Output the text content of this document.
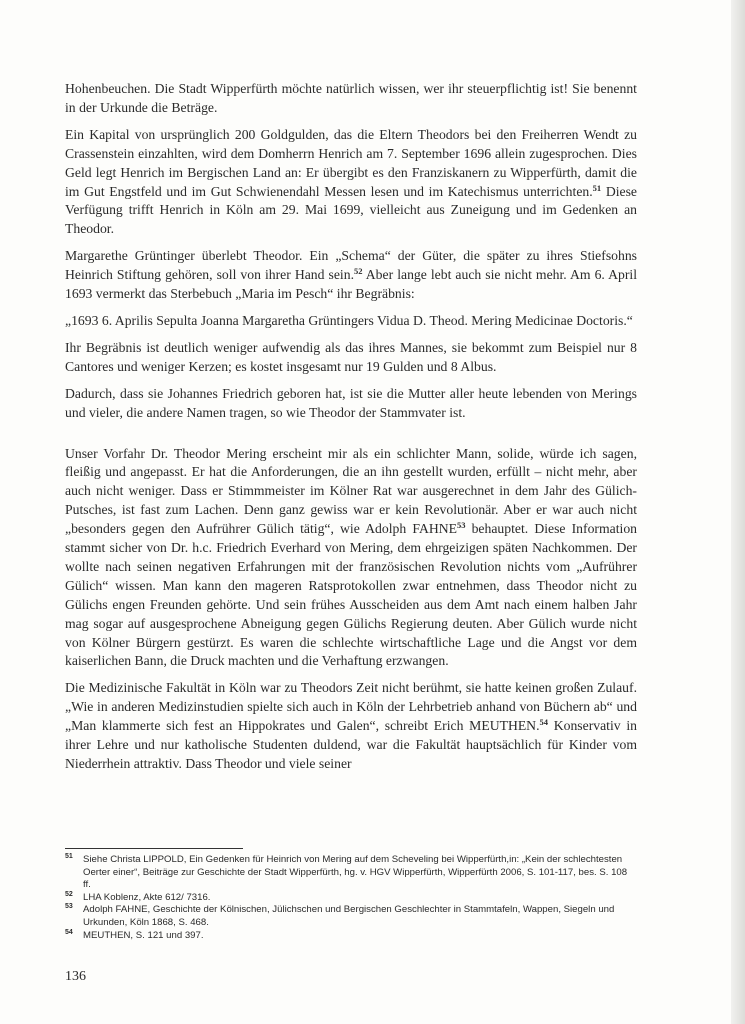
Hohenbeuchen. Die Stadt Wipperfürth möchte natürlich wissen, wer ihr steuerpflichtig ist! Sie benennt in der Urkunde die Beträge.

Ein Kapital von ursprünglich 200 Goldgulden, das die Eltern Theodors bei den Freiherren Wendt zu Crassenstein einzahlten, wird dem Domherrn Henrich am 7. September 1696 allein zugesprochen. Dies Geld legt Henrich im Bergischen Land an: Er übergibt es den Franziskanern zu Wipperfürth, damit die im Gut Engstfeld und im Gut Schwienendahl Messen lesen und im Katechismus unterrichten.$^{51}$ Diese Verfügung trifft Henrich in Köln am 29. Mai 1699, vielleicht aus Zuneigung und im Gedenken an Theodor.

Margarethe Grüntinger überlebt Theodor. Ein „Schema“ der Güter, die später zu ihres Stiefsohns Heinrich Stiftung gehören, soll von ihrer Hand sein.$^{52}$ Aber lange lebt auch sie nicht mehr. Am 6. April 1693 vermerkt das Sterbebuch „Maria im Pesch“ ihr Begräbnis:

„1693 6. Aprilis Sepulta Joanna Margaretha Grüntingers Vidua D. Theod. Mering Medicinae Doctoris.“

Ihr Begräbnis ist deutlich weniger aufwendig als das ihres Mannes, sie bekommt zum Beispiel nur 8 Cantores und weniger Kerzen; es kostet insgesamt nur 19 Gulden und 8 Albus.

Dadurch, dass sie Johannes Friedrich geboren hat, ist sie die Mutter aller heute lebenden von Merings und vieler, die andere Namen tragen, so wie Theodor der Stammvater ist.

Unser Vorfahr Dr. Theodor Mering erscheint mir als ein schlichter Mann, solide, würde ich sagen, fleißig und angepasst. Er hat die Anforderungen, die an ihn gestellt wurden, erfüllt – nicht mehr, aber auch nicht weniger. Dass er Stimmmeister im Kölner Rat war ausgerechnet in dem Jahr des Gülich-Putsches, ist fast zum Lachen. Denn ganz gewiss war er kein Revolutionär. Aber er war auch nicht „besonders gegen den Aufrührer Gülich tätig“, wie Adolph FAHNE$^{53}$ behauptet. Diese Information stammt sicher von Dr. h.c. Friedrich Everhard von Mering, dem ehrgeizigen späten Nachkommen. Der wollte nach seinen negativen Erfahrungen mit der französischen Revolution nichts vom „Aufrührer Gülich“ wissen. Man kann den mageren Ratsprotokollen zwar entnehmen, dass Theodor nicht zu Gülichs engen Freunden gehörte. Und sein frühes Ausscheiden aus dem Amt nach einem halben Jahr mag sogar auf ausgesprochene Abneigung gegen Gülichs Regierung deuten. Aber Gülich wurde nicht von Kölner Bürgern gestürzt. Es waren die schlechte wirtschaftliche Lage und die Angst vor dem kaiserlichen Bann, die Druck machten und die Verhaftung erzwangen.

Die Medizinische Fakultät in Köln war zu Theodors Zeit nicht berühmt, sie hatte keinen großen Zulauf. „Wie in anderen Medizinstudien spielte sich auch in Köln der Lehrbetrieb anhand von Büchern ab“ und „Man klammerte sich fest an Hippokrates und Galen“, schreibt Erich MEUTHEN.$^{54}$ Konservativ in ihrer Lehre und nur katholische Studenten duldend, war die Fakultät hauptsächlich für Kinder vom Niederrhein attraktiv. Dass Theodor und viele seiner

51 Siehe Christa LIPPOLD, Ein Gedenken für Heinrich von Mering auf dem Scheveling bei Wipperfürth,in: „Kein der schlechtesten Oerter einer“, Beiträge zur Geschichte der Stadt Wipperfürth, hg. v. HGV Wipperfürth, Wipperfürth 2006, S. 101-117, bes. S. 108 ff.

52 LHA Koblenz, Akte 612/ 7316.

53 Adolph FAHNE, Geschichte der Kölnischen, Jülichschen und Bergischen Geschlechter in Stammtafeln, Wappen, Siegeln und Urkunden, Köln 1868, S. 468.

54 MEUTHEN, S. 121 und 397.

136
